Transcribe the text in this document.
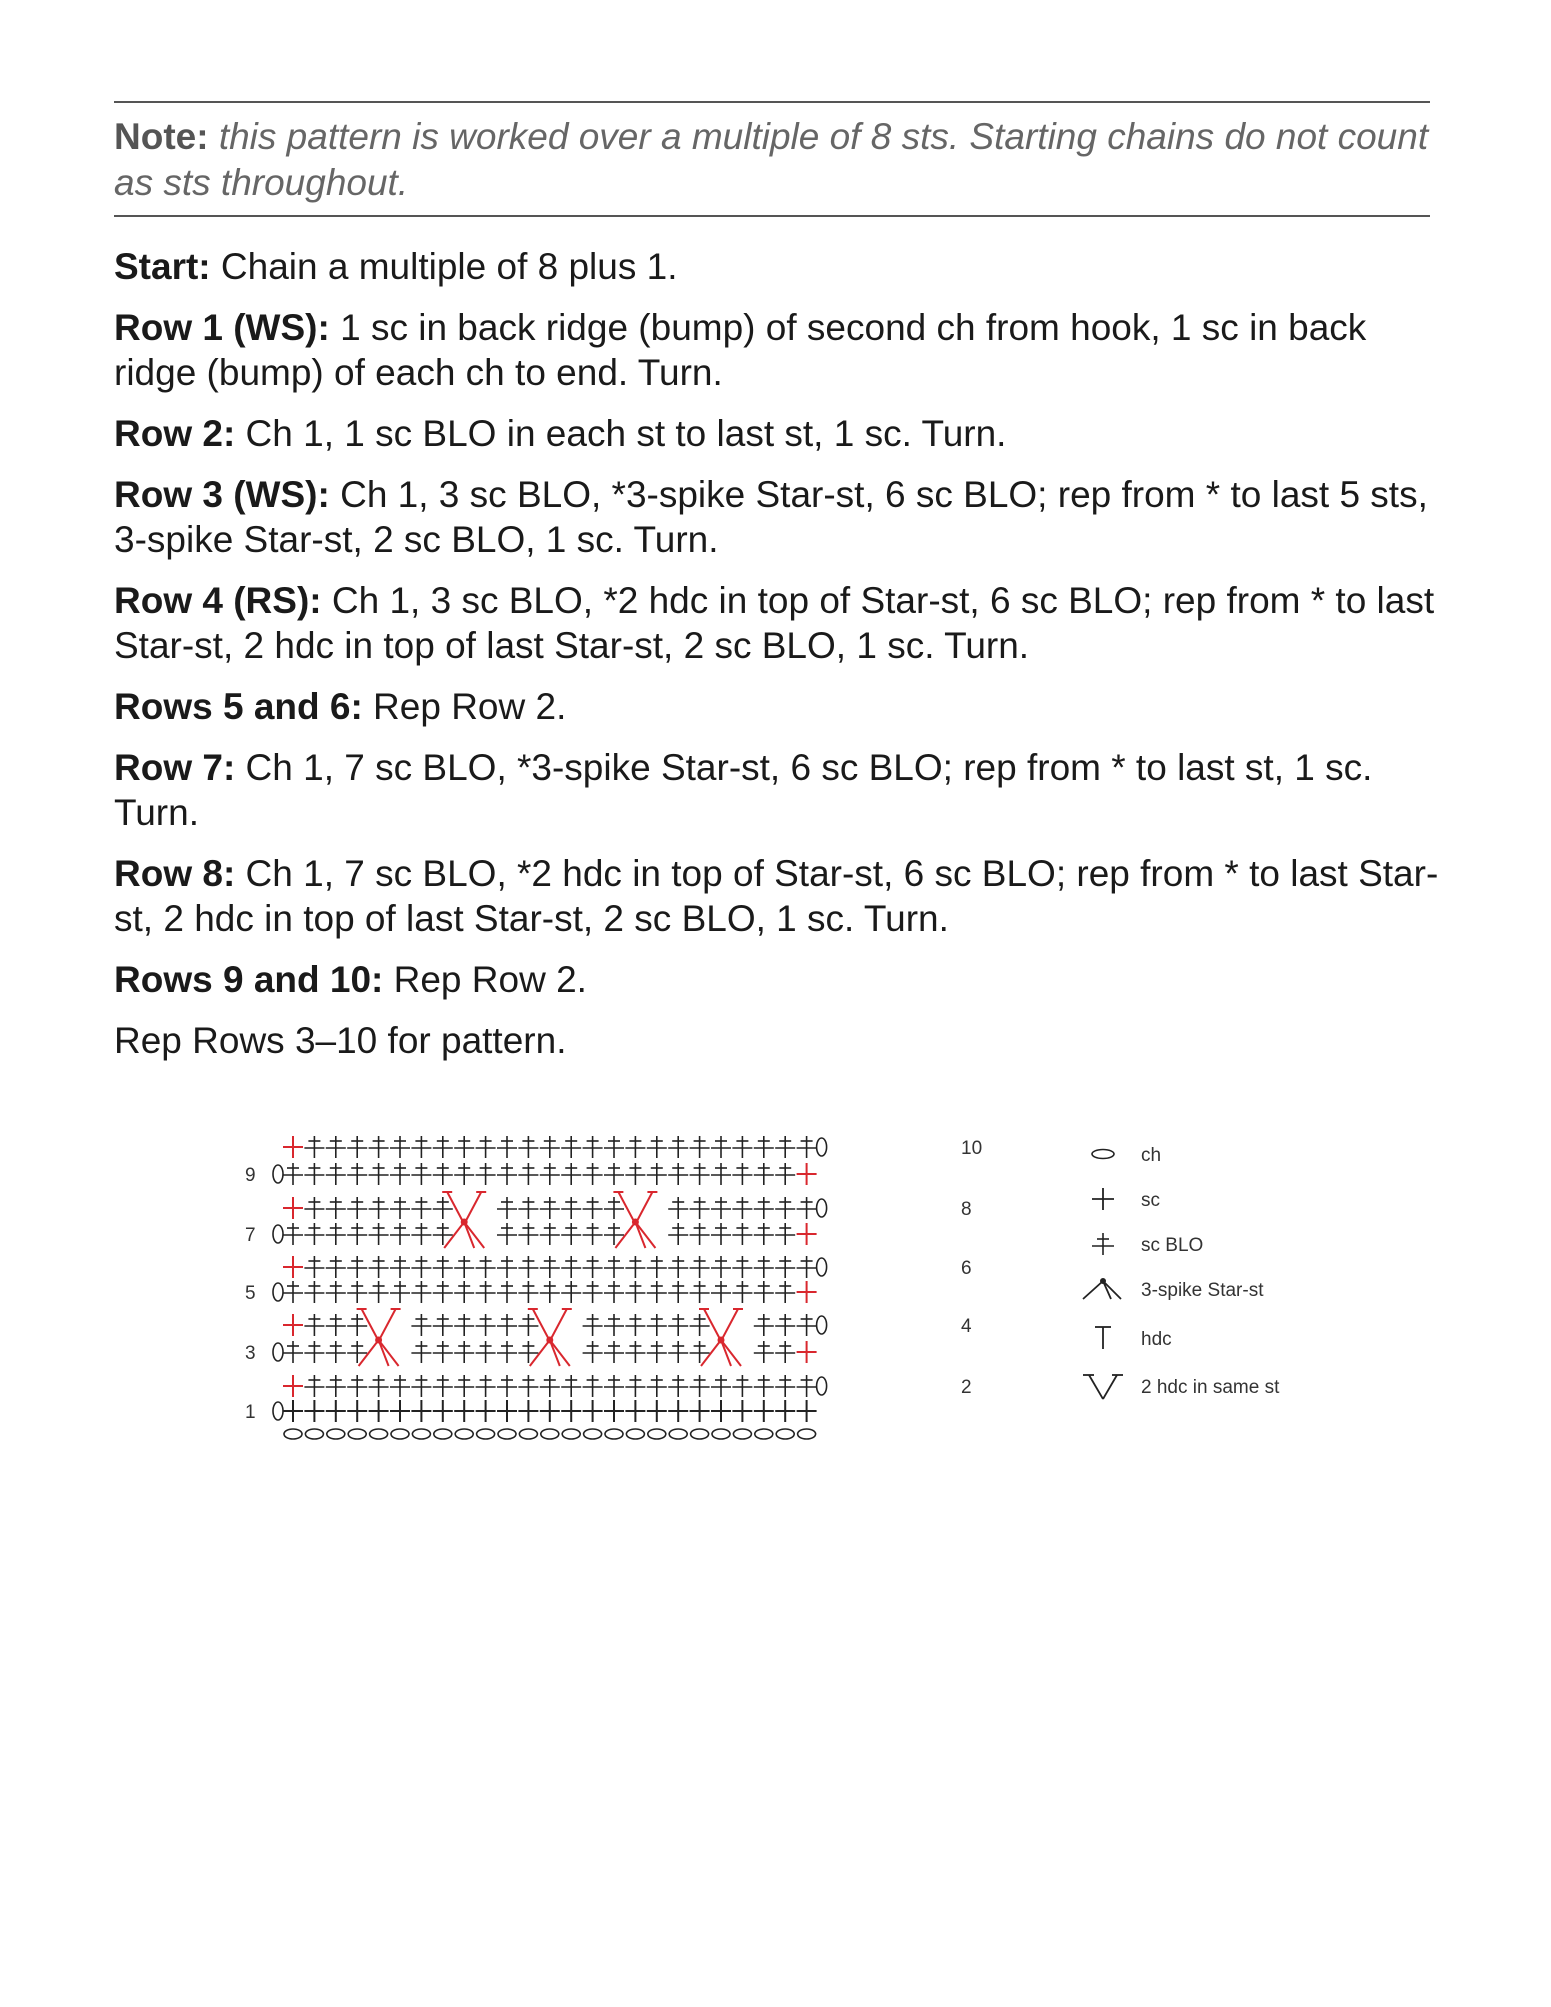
Note: this pattern is worked over a multiple of 8 sts. Starting chains do not count as sts throughout.
Start: Chain a multiple of 8 plus 1.
Row 1 (WS): 1 sc in back ridge (bump) of second ch from hook, 1 sc in back ridge (bump) of each ch to end. Turn.
Row 2: Ch 1, 1 sc BLO in each st to last st, 1 sc. Turn.
Row 3 (WS): Ch 1, 3 sc BLO, *3-spike Star-st, 6 sc BLO; rep from * to last 5 sts, 3-spike Star-st, 2 sc BLO, 1 sc. Turn.
Row 4 (RS): Ch 1, 3 sc BLO, *2 hdc in top of Star-st, 6 sc BLO; rep from * to last Star-st, 2 hdc in top of last Star-st, 2 sc BLO, 1 sc. Turn.
Rows 5 and 6: Rep Row 2.
Row 7: Ch 1, 7 sc BLO, *3-spike Star-st, 6 sc BLO; rep from * to last st, 1 sc. Turn.
Row 8: Ch 1, 7 sc BLO, *2 hdc in top of Star-st, 6 sc BLO; rep from * to last Star-st, 2 hdc in top of last Star-st, 2 sc BLO, 1 sc. Turn.
Rows 9 and 10: Rep Row 2.
Rep Rows 3–10 for pattern.
9
7
5
3
1
10
8
6
4
2
ch
sc
sc BLO
3-spike Star-st
hdc
2 hdc in same st
